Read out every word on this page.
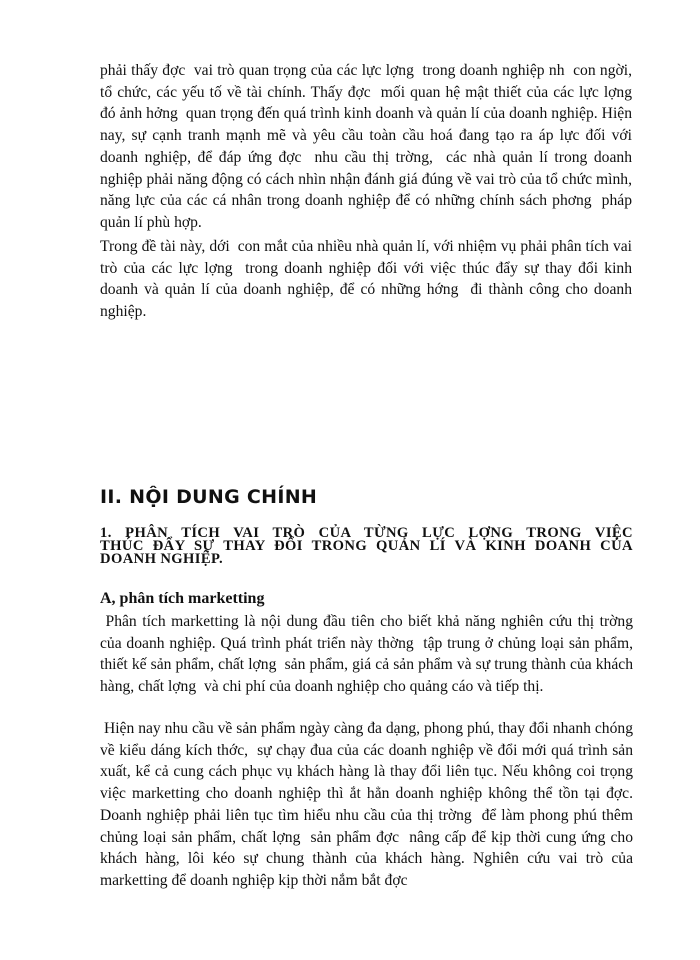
phải thấy đợc  vai trò quan trọng của các lực lợng  trong doanh nghiệp nh  con ngời,  tổ chức, các yếu tố về tài chính. Thấy đợc  mối quan hệ mật thiết của các lực lợng  đó ảnh hởng  quan trọng đến quá trình kinh doanh và quản lí của doanh nghiệp. Hiện nay, sự cạnh tranh mạnh mẽ và yêu cầu toàn cầu hoá đang tạo ra áp lực đối với doanh nghiệp, để đáp ứng đợc  nhu cầu thị trờng,  các nhà quản lí trong doanh nghiệp phải năng động có cách nhìn nhận đánh giá đúng về vai trò của tổ chức mình, năng lực của các cá nhân trong doanh nghiệp để có những chính sách phơng  pháp quản lí phù hợp.

Trong đề tài này, dới  con mắt của nhiều nhà quản lí, với nhiệm vụ phải phân tích vai trò của các lực lợng  trong doanh nghiệp đối với việc thúc đẩy sự thay đổi kinh doanh và quản lí của doanh nghiệp, để có những hớng  đi thành công cho doanh nghiệp.

II. NỘI DUNG CHÍNH
1. PHÂN TÍCH VAI TRÒ CỦA TỪNG LỰC LỢNG TRONG VIỆC
THÚC ĐẨY SỰ THAY ĐỔI TRONG QUẢN LÍ VÀ KINH DOANH CỦA

DOANH NGHIỆP.
A, phân tích marketting

Phân tích marketting là nội dung đầu tiên cho biết khả năng nghiên cứu thị trờng  của doanh nghiệp. Quá trình phát triển này thờng  tập trung ở chủng loại sản phẩm, thiết kế sản phẩm, chất lợng  sản phẩm, giá cả sản phẩm và sự trung thành của khách hàng, chất lợng  và chi phí của doanh nghiệp cho quảng cáo và tiếp thị.

Hiện nay nhu cầu về sản phẩm ngày càng đa dạng, phong phú, thay đổi nhanh chóng về kiểu dáng kích thớc,  sự chạy đua của các doanh nghiệp về đổi mới quá trình sản xuất, kể cả cung cách phục vụ khách hàng là thay đổi liên tục. Nếu không coi trọng việc marketting cho doanh nghiệp thì ắt hẳn doanh nghiệp không thể tồn tại đợc.  Doanh nghiệp phải liên tục tìm hiểu nhu cầu của thị trờng  để làm phong phú thêm chủng loại sản phẩm, chất lợng  sản phẩm đợc  nâng cấp để kịp thời cung ứng cho khách hàng, lôi kéo sự chung thành của khách hàng. Nghiên cứu vai trò của marketting để doanh nghiệp kịp thời nắm bắt đợc
